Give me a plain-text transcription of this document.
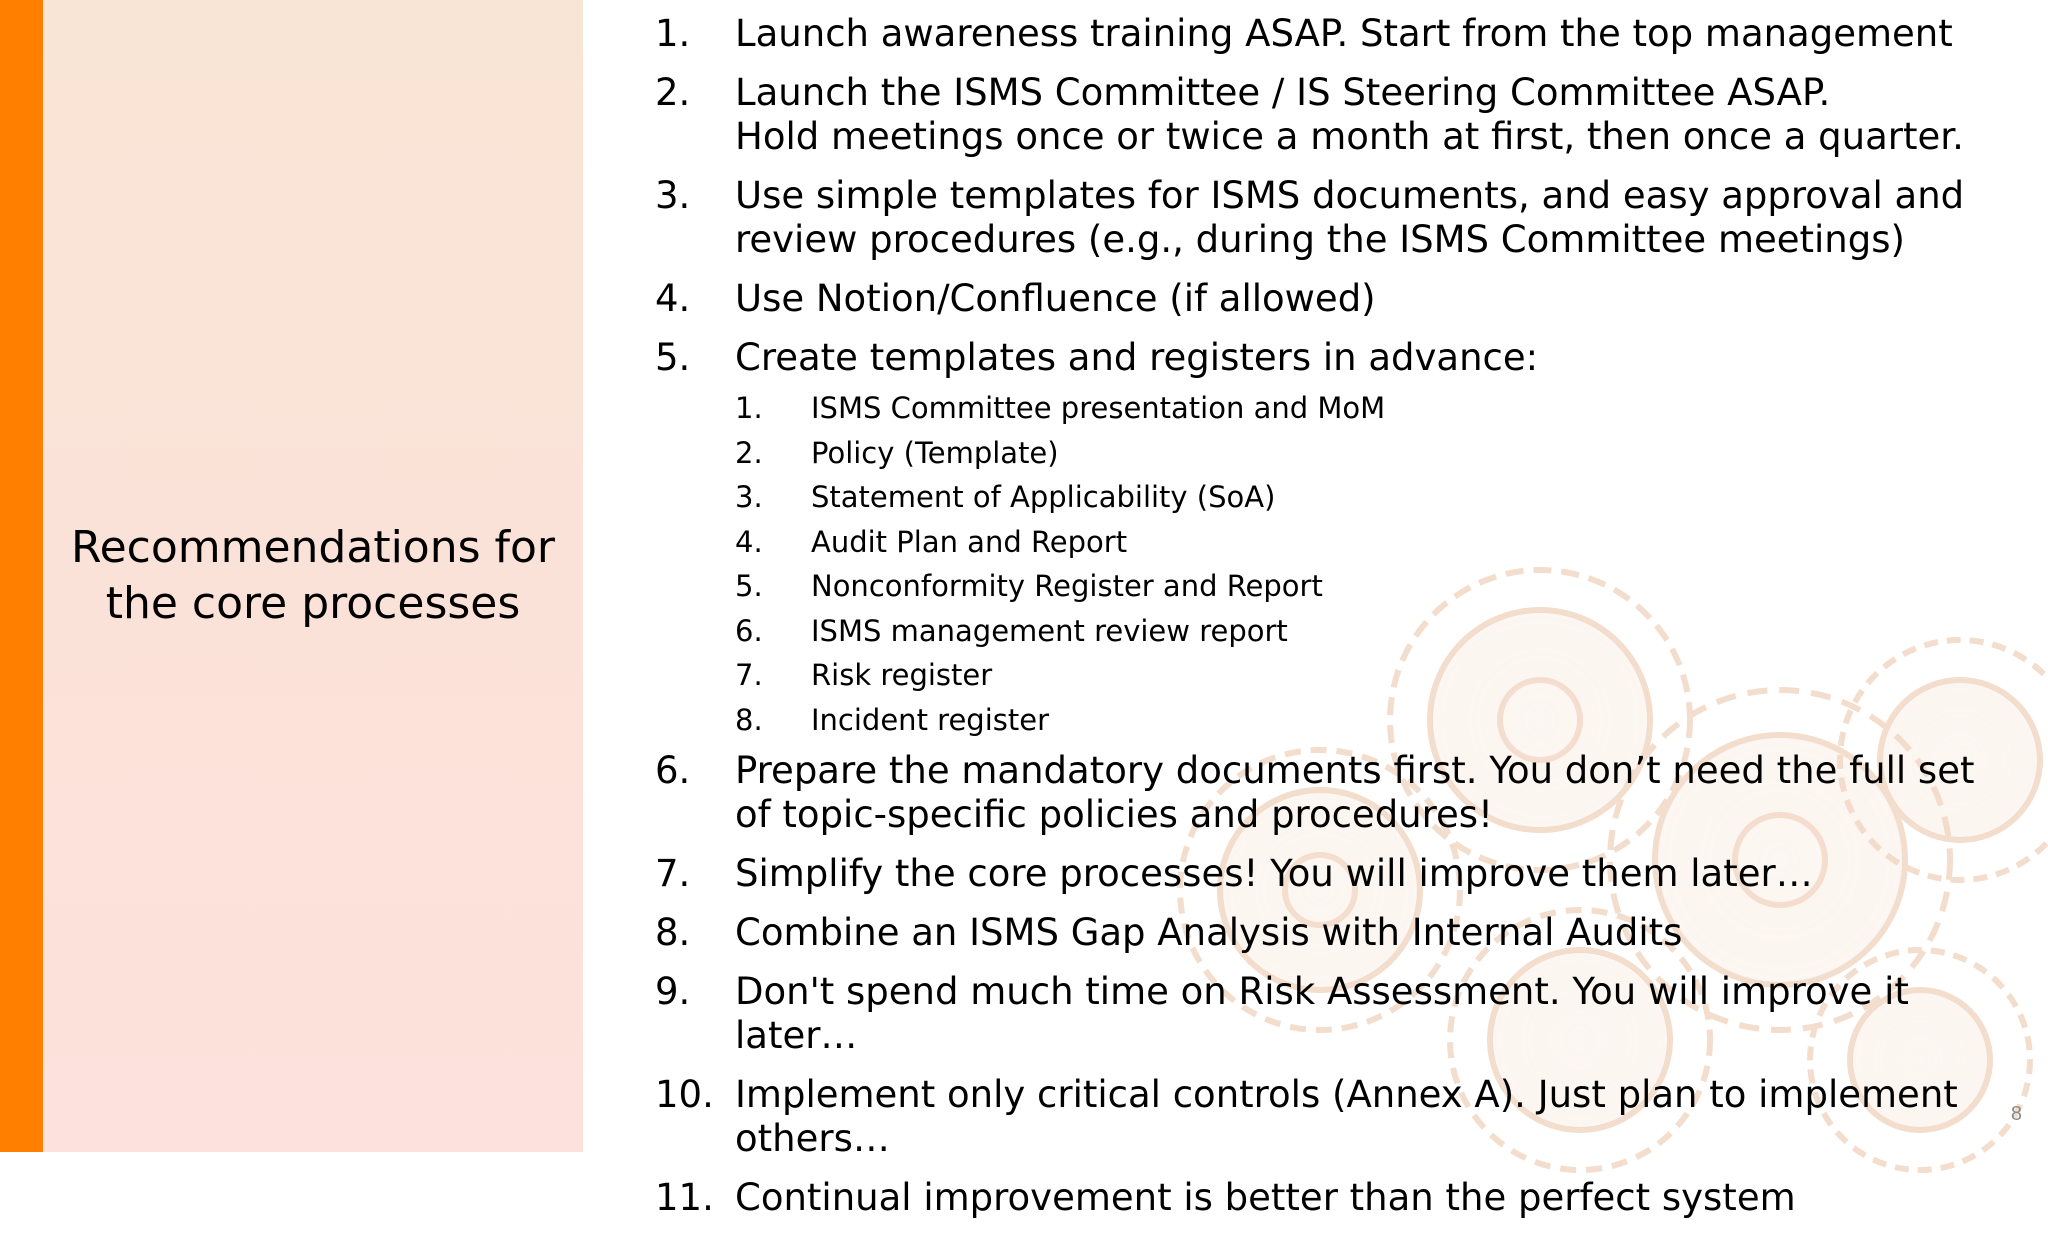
Recommendations for
the core processes
1.	Launch awareness training ASAP. Start from the top management
2.	Launch the ISMS Committee / IS Steering Committee ASAP.
Hold meetings once or twice a month at first, then once a quarter.
3.	Use simple templates for ISMS documents, and easy approval and review procedures (e.g., during the ISMS Committee meetings)
4.	Use Notion/Confluence (if allowed)
5.	Create templates and registers in advance:
1.	ISMS Committee presentation and MoM
2.	Policy (Template)
3.	Statement of Applicability (SoA)
4.	Audit Plan and Report
5.	Nonconformity Register and Report
6.	ISMS management review report
7.	Risk register
8.	Incident register
6.	Prepare the mandatory documents first. You don’t need the full set of topic-specific policies and procedures!
7.	Simplify the core processes! You will improve them later…
8.	Combine an ISMS Gap Analysis with Internal Audits
9.	Don't spend much time on Risk Assessment. You will improve it later…
10. Implement only critical controls (Annex A). Just plan to implement others…
11. Continual improvement is better than the perfect system
8
